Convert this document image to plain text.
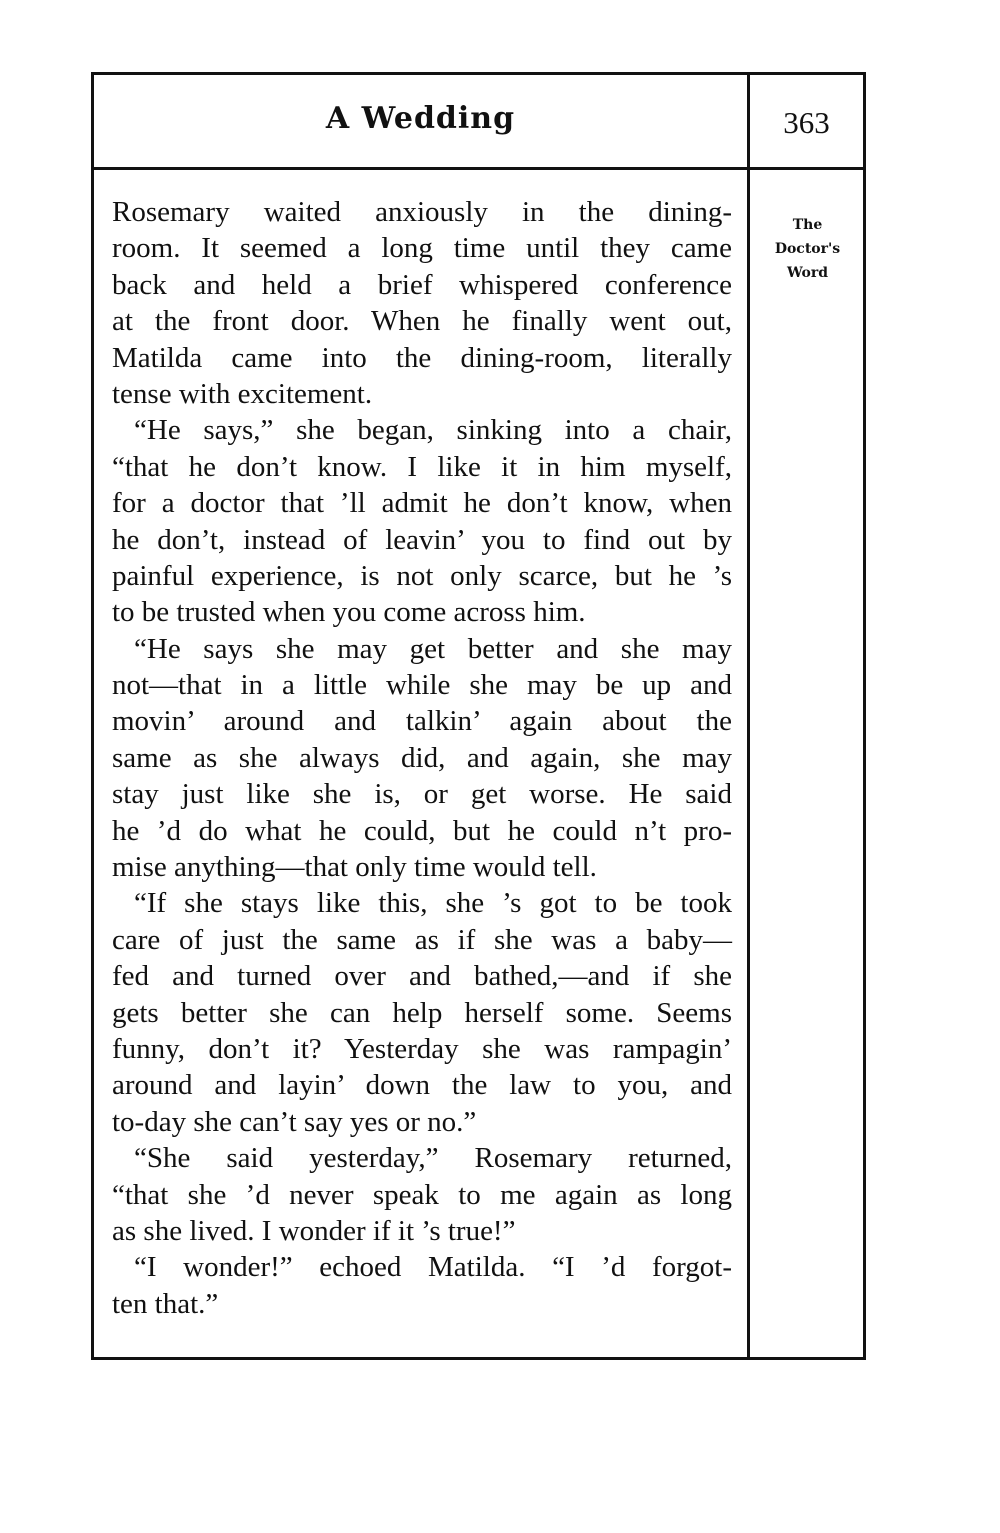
A Wedding	363
The
Doctor's
Word
Rosemary waited anxiously in the dining-
room. It seemed a long time until they came
back and held a brief whispered conference
at the front door. When he finally went out,
Matilda came into the dining-room, literally
tense with excitement.
“He says,” she began, sinking into a chair,
“that he don’t know. I like it in him myself,
for a doctor that ’ll admit he don’t know, when
he don’t, instead of leavin’ you to find out by
painful experience, is not only scarce, but he ’s
to be trusted when you come across him.
“He says she may get better and she may
not—that in a little while she may be up and
movin’ around and talkin’ again about the
same as she always did, and again, she may
stay just like she is, or get worse. He said
he ’d do what he could, but he could n’t pro-
mise anything—that only time would tell.
“If she stays like this, she ’s got to be took
care of just the same as if she was a baby—
fed and turned over and bathed,—and if she
gets better she can help herself some. Seems
funny, don’t it? Yesterday she was rampagin’
around and layin’ down the law to you, and
to-day she can’t say yes or no.”
“She said yesterday,” Rosemary returned,
“that she ’d never speak to me again as long
as she lived. I wonder if it ’s true!”
“I wonder!” echoed Matilda. “I ’d forgot-
ten that.”
